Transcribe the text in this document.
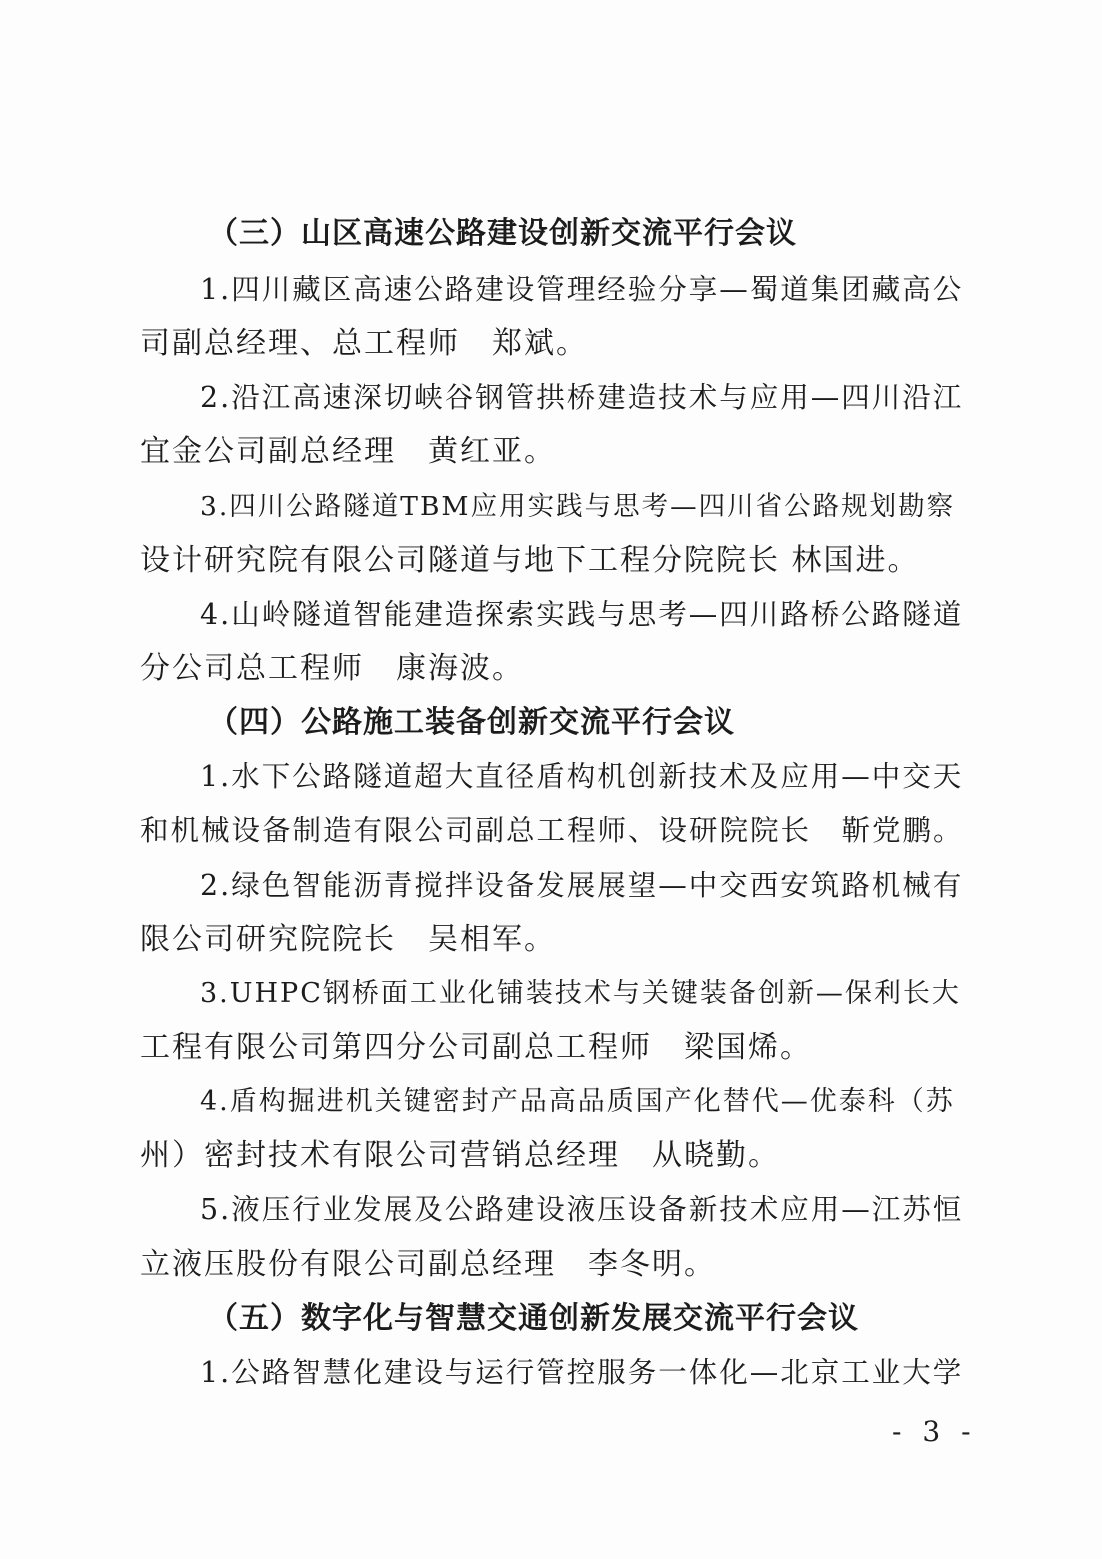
（三）山区高速公路建设创新交流平行会议
1.四川藏区高速公路建设管理经验分享—蜀道集团藏高公
司副总经理、总工程师　郑斌。
2.沿江高速深切峡谷钢管拱桥建造技术与应用—四川沿江
宜金公司副总经理　黄红亚。
3.四川公路隧道TBM应用实践与思考—四川省公路规划勘察
设计研究院有限公司隧道与地下工程分院院长 林国进。
4.山岭隧道智能建造探索实践与思考—四川路桥公路隧道
分公司总工程师　康海波。
（四）公路施工装备创新交流平行会议
1.水下公路隧道超大直径盾构机创新技术及应用—中交天
和机械设备制造有限公司副总工程师、设研院院长　靳党鹏。
2.绿色智能沥青搅拌设备发展展望—中交西安筑路机械有
限公司研究院院长　吴相军。
3.UHPC钢桥面工业化铺装技术与关键装备创新—保利长大
工程有限公司第四分公司副总工程师　梁国烯。
4.盾构掘进机关键密封产品高品质国产化替代—优泰科（苏
州）密封技术有限公司营销总经理　从晓勤。
5.液压行业发展及公路建设液压设备新技术应用—江苏恒
立液压股份有限公司副总经理　李冬明。
（五）数字化与智慧交通创新发展交流平行会议
1.公路智慧化建设与运行管控服务一体化—北京工业大学
- 3 -
